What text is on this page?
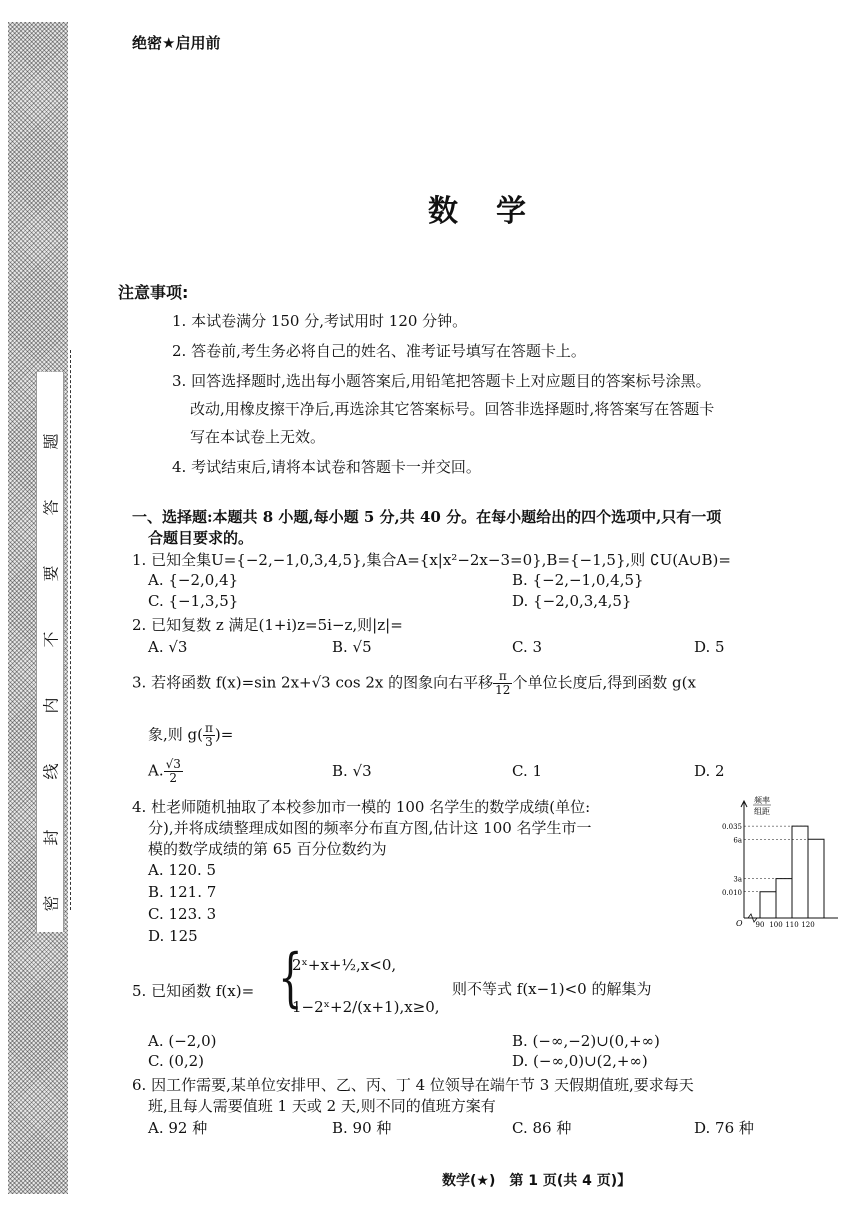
密
封
线
内
不
要
答
题
绝密★启用前
数　学
注意事项:
1. 本试卷满分 150 分,考试用时 120 分钟。
2. 答卷前,考生务必将自己的姓名、准考证号填写在答题卡上。
3. 回答选择题时,选出每小题答案后,用铅笔把答题卡上对应题目的答案标号涂黑。
改动,用橡皮擦干净后,再选涂其它答案标号。回答非选择题时,将答案写在答题卡
写在本试卷上无效。
4. 考试结束后,请将本试卷和答题卡一并交回。
一、选择题:本题共 8 小题,每小题 5 分,共 40 分。在每小题给出的四个选项中,只有一项
合题目要求的。
1. 已知全集U={−2,−1,0,3,4,5},集合A={x|x²−2x−3=0},B={−1,5},则 ∁U(A∪B)=
A. {−2,0,4}	B. {−2,−1,0,4,5}
C. {−1,3,5}	D. {−2,0,3,4,5}
2. 已知复数 z 满足(1+i)z=5i−z,则|z|=
A. √3	B. √5	C. 3	D. 5
3. 若将函数 f(x)=sin 2x+√3 cos 2x 的图象向右平移 $\frac{\pi}{12}$ 个单位长度后,得到函数 g(x
象,则 $g( \frac{\pi}{3}$ )=
A. $\frac{√3}{2}$	B. √3	C. 1	D. 2
4. 杜老师随机抽取了本校参加市一模的 100 名学生的数学成绩(单位:
分),并将成绩整理成如图的频率分布直方图,估计这 100 名学生市一
模的数学成绩的第 65 百分位数约为
A. 120. 5
B. 121. 7
C. 123. 3
D. 125
频率
组距
0.035
6a
3a
0.010
90 100 110 120
O
5. 已知函数 f(x)= {
2ˣ+x+½,x<0,
1−2ˣ+2/(x+1),x≥0,
则不等式 f(x−1)<0 的解集为
A. (−2,0)	B. (−∞,−2)∪(0,+∞)
C. (0,2)	D. (−∞,0)∪(2,+∞)
6. 因工作需要,某单位安排甲、乙、丙、丁 4 位领导在端午节 3 天假期值班,要求每天
班,且每人需要值班 1 天或 2 天,则不同的值班方案有
A. 92 种	B. 90 种	C. 86 种	D. 76 种
数学(★)　第 1 页(共 4 页)】
